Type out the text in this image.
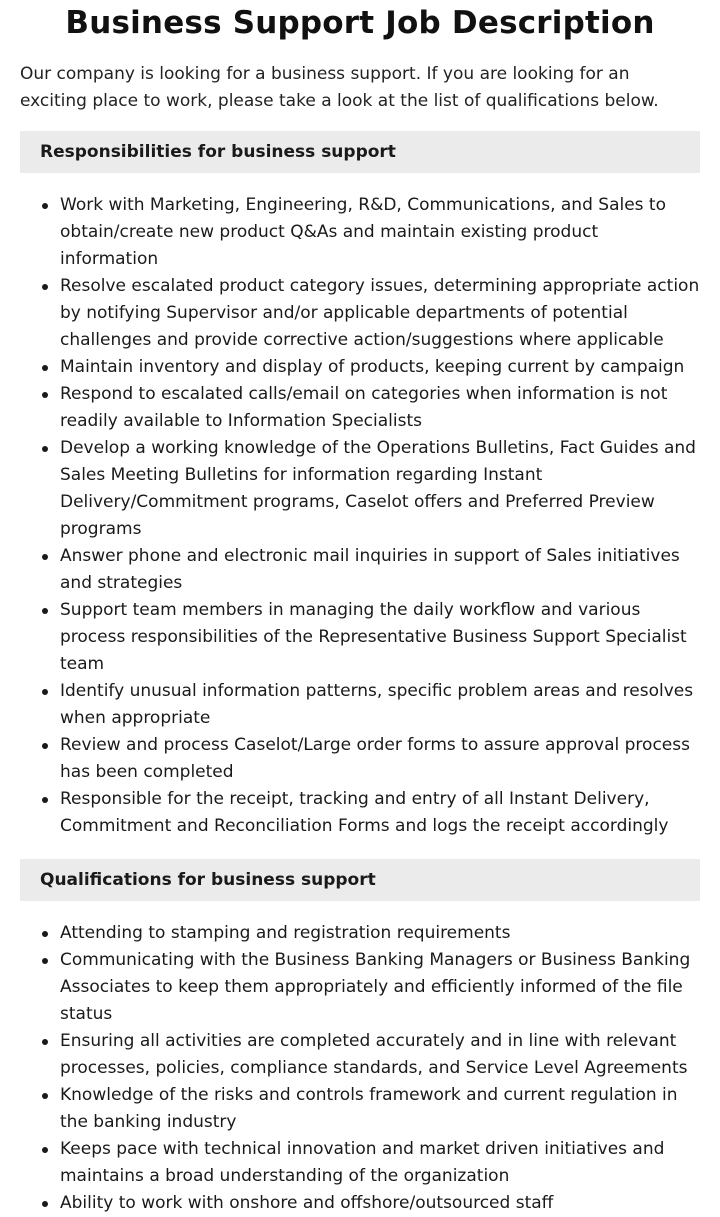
Business Support Job Description

Our company is looking for a business support. If you are looking for an exciting place to work, please take a look at the list of qualifications below.

Responsibilities for business support
Work with Marketing, Engineering, R&D, Communications, and Sales to obtain/create new product Q&As and maintain existing product information
Resolve escalated product category issues, determining appropriate action by notifying Supervisor and/or applicable departments of potential challenges and provide corrective action/suggestions where applicable
Maintain inventory and display of products, keeping current by campaign
Respond to escalated calls/email on categories when information is not readily available to Information Specialists
Develop a working knowledge of the Operations Bulletins, Fact Guides and Sales Meeting Bulletins for information regarding Instant Delivery/Commitment programs, Caselot offers and Preferred Preview programs
Answer phone and electronic mail inquiries in support of Sales initiatives and strategies
Support team members in managing the daily workflow and various process responsibilities of the Representative Business Support Specialist team
Identify unusual information patterns, specific problem areas and resolves when appropriate
Review and process Caselot/Large order forms to assure approval process has been completed
Responsible for the receipt, tracking and entry of all Instant Delivery, Commitment and Reconciliation Forms and logs the receipt accordingly
Qualifications for business support
Attending to stamping and registration requirements
Communicating with the Business Banking Managers or Business Banking Associates to keep them appropriately and efficiently informed of the file status
Ensuring all activities are completed accurately and in line with relevant processes, policies, compliance standards, and Service Level Agreements
Knowledge of the risks and controls framework and current regulation in the banking industry
Keeps pace with technical innovation and market driven initiatives and maintains a broad understanding of the organization
Ability to work with onshore and offshore/outsourced staff
